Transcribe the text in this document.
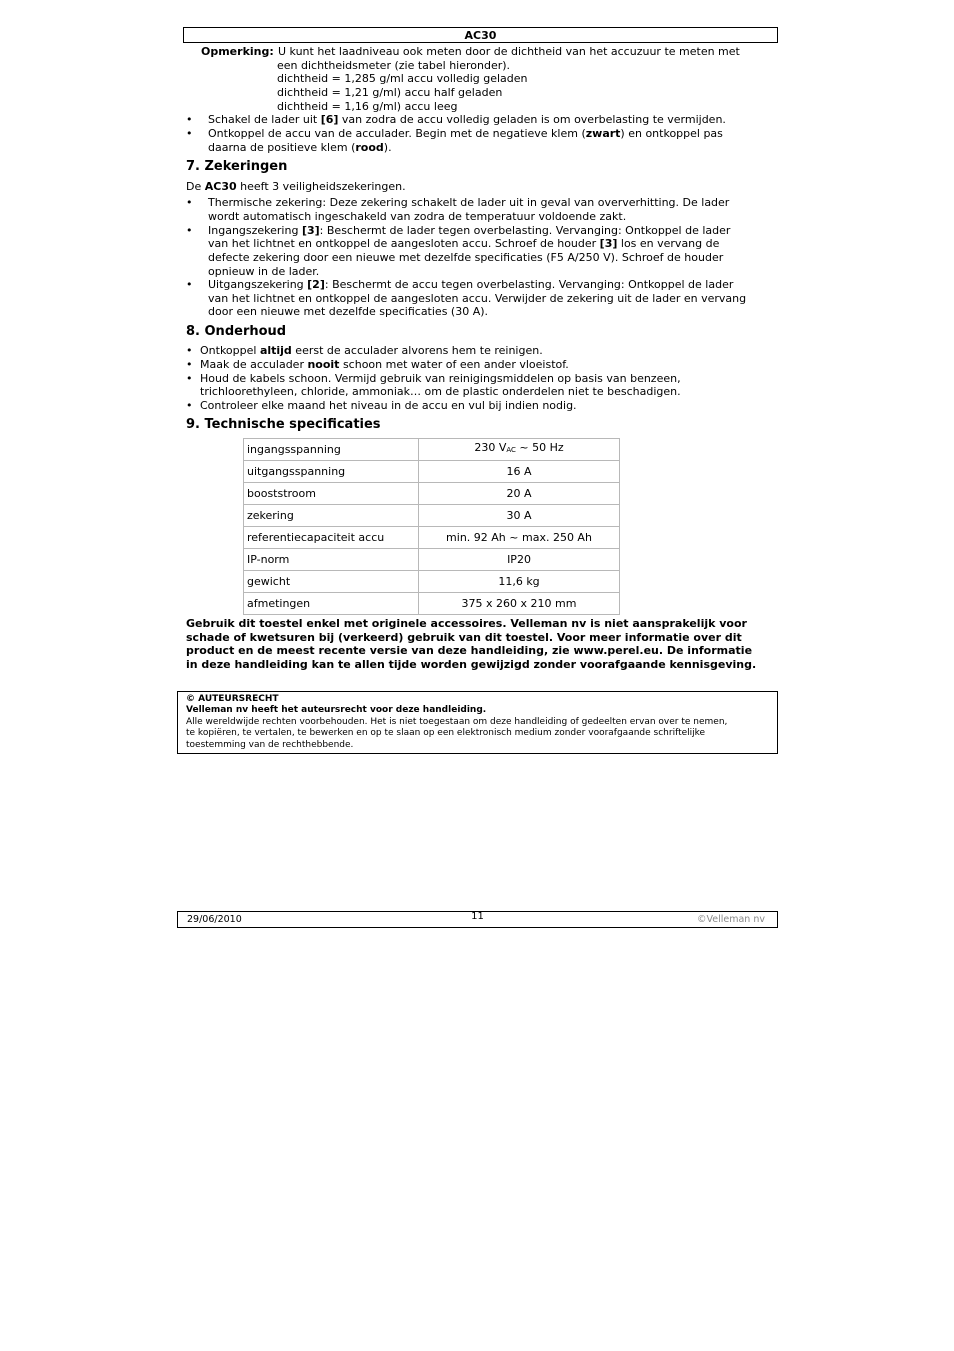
AC30
Opmerking: U kunt het laadniveau ook meten door de dichtheid van het accuzuur te meten met
een dichtheidsmeter (zie tabel hieronder).
dichtheid = 1,285 g/ml accu volledig geladen
dichtheid = 1,21 g/ml) accu half geladen
dichtheid = 1,16 g/ml) accu leeg
• Schakel de lader uit [6] van zodra de accu volledig geladen is om overbelasting te vermijden.
• Ontkoppel de accu van de acculader. Begin met de negatieve klem (zwart) en ontkoppel pas
daarna de positieve klem (rood).
7. Zekeringen
De AC30 heeft 3 veiligheidszekeringen.
• Thermische zekering: Deze zekering schakelt de lader uit in geval van oververhitting. De lader
wordt automatisch ingeschakeld van zodra de temperatuur voldoende zakt.
• Ingangszekering [3]: Beschermt de lader tegen overbelasting. Vervanging: Ontkoppel de lader
van het lichtnet en ontkoppel de aangesloten accu. Schroef de houder [3] los en vervang de
defecte zekering door een nieuwe met dezelfde specificaties (F5 A/250 V). Schroef de houder
opnieuw in de lader.
• Uitgangszekering [2]: Beschermt de accu tegen overbelasting. Vervanging: Ontkoppel de lader
van het lichtnet en ontkoppel de aangesloten accu. Verwijder de zekering uit de lader en vervang
door een nieuwe met dezelfde specificaties (30 A).
8. Onderhoud
• Ontkoppel altijd eerst de acculader alvorens hem te reinigen.
• Maak de acculader nooit schoon met water of een ander vloeistof.
• Houd de kabels schoon. Vermijd gebruik van reinigingsmiddelen op basis van benzeen,
trichloorethyleen, chloride, ammoniak… om de plastic onderdelen niet te beschadigen.
• Controleer elke maand het niveau in de accu en vul bij indien nodig.
9. Technische specificaties
ingangsspanning	230 $V_{AC}$ ~ 50 Hz
uitgangsspanning	16 A
booststroom	20 A
zekering	30 A
referentiecapaciteit accu	min. 92 Ah ~ max. 250 Ah
IP-norm	IP20
gewicht	11,6 kg
afmetingen	375 x 260 x 210 mm
Gebruik dit toestel enkel met originele accessoires. Velleman nv is niet aansprakelijk voor
schade of kwetsuren bij (verkeerd) gebruik van dit toestel. Voor meer informatie over dit
product en de meest recente versie van deze handleiding, zie www.perel.eu. De informatie
in deze handleiding kan te allen tijde worden gewijzigd zonder voorafgaande kennisgeving.
© AUTEURSRECHT
Velleman nv heeft het auteursrecht voor deze handleiding.
Alle wereldwijde rechten voorbehouden. Het is niet toegestaan om deze handleiding of gedeelten ervan over te nemen,
te kopiëren, te vertalen, te bewerken en op te slaan op een elektronisch medium zonder voorafgaande schriftelijke
toestemming van de rechthebbende.
29/06/2010	11	©Velleman nv
